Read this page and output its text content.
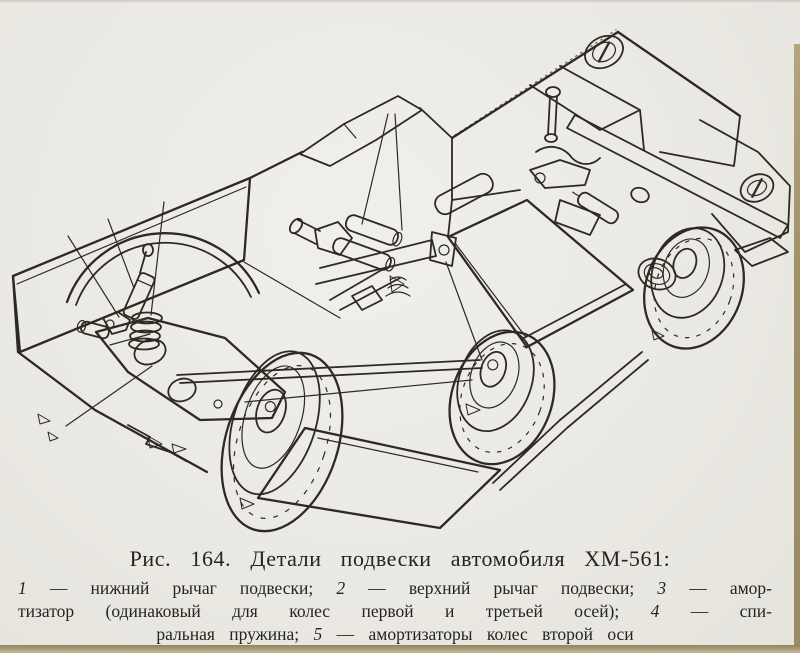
1
2
3
4
5
Рис. 164. Детали подвески автомобиля ХМ-561:
1 — нижний рычаг подвески; 2 — верхний рычаг подвески; 3 — амор-
тизатор (одинаковый для колес первой и третьей осей); 4 — спи-
ральная пружина; 5 — амортизаторы колес второй оси
